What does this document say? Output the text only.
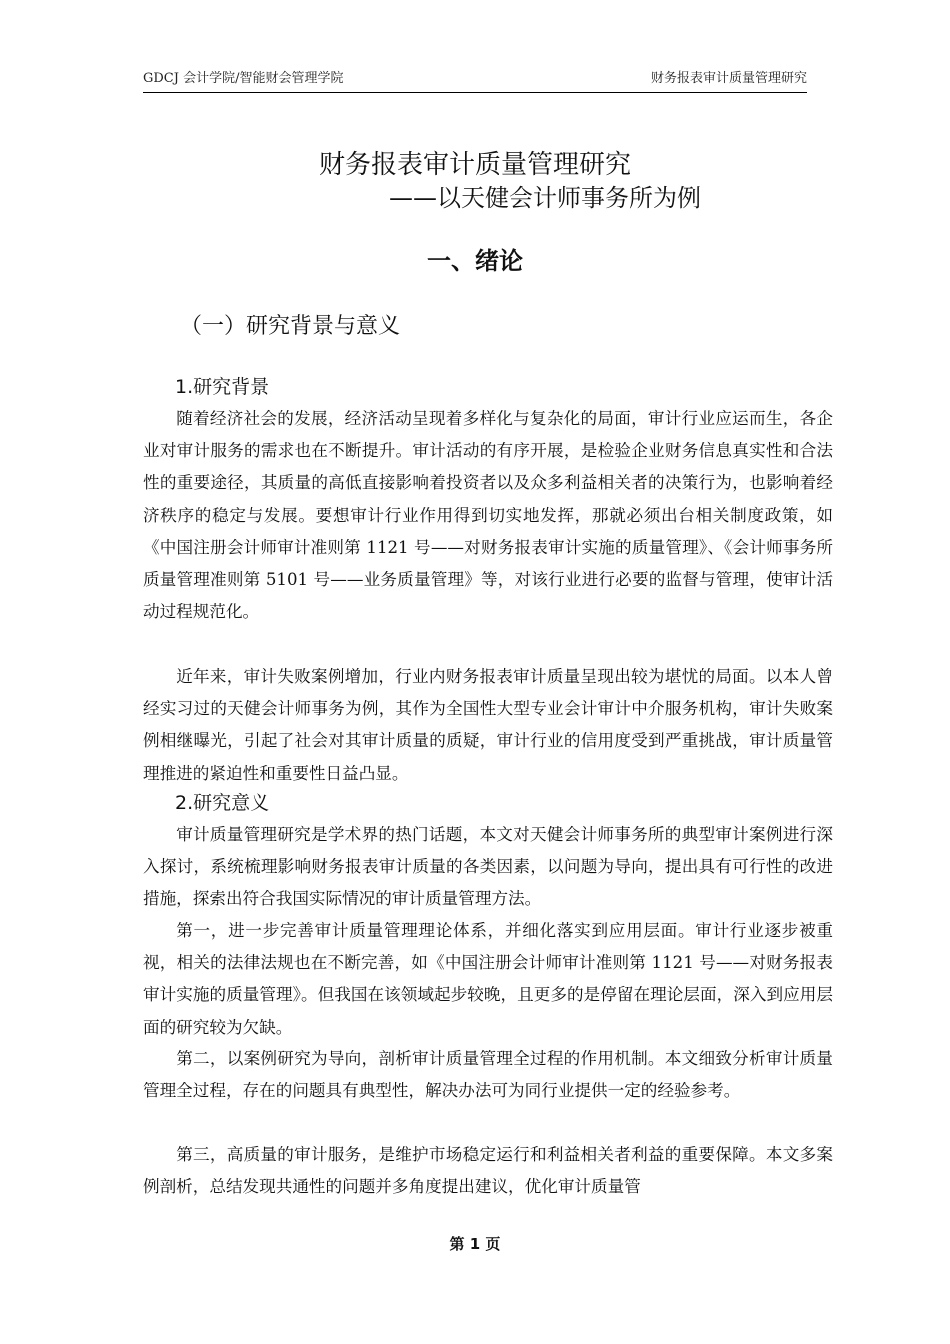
GDCJ 会计学院/智能财会管理学院	财务报表审计质量管理研究
财务报表审计质量管理研究
——以天健会计师事务所为例
一、绪论
（一）研究背景与意义
1.研究背景

随着经济社会的发展，经济活动呈现着多样化与复杂化的局面，审计行业应运而生，各企业对审计服务的需求也在不断提升。审计活动的有序开展，是检验企业财务信息真实性和合法性的重要途径，其质量的高低直接影响着投资者以及众多利益相关者的决策行为，也影响着经济秩序的稳定与发展。要想审计行业作用得到切实地发挥，那就必须出台相关制度政策，如《中国注册会计师审计准则第 1121 号——对财务报表审计实施的质量管理》、《会计师事务所质量管理准则第 5101 号——业务质量管理》等，对该行业进行必要的监督与管理，使审计活动过程规范化。

近年来，审计失败案例增加，行业内财务报表审计质量呈现出较为堪忧的局面。以本人曾经实习过的天健会计师事务为例，其作为全国性大型专业会计审计中介服务机构，审计失败案例相继曝光，引起了社会对其审计质量的质疑，审计行业的信用度受到严重挑战，审计质量管理推进的紧迫性和重要性日益凸显。

2.研究意义

审计质量管理研究是学术界的热门话题，本文对天健会计师事务所的典型审计案例进行深入探讨，系统梳理影响财务报表审计质量的各类因素，以问题为导向，提出具有可行性的改进措施，探索出符合我国实际情况的审计质量管理方法。

第一，进一步完善审计质量管理理论体系，并细化落实到应用层面。审计行业逐步被重视，相关的法律法规也在不断完善，如《中国注册会计师审计准则第 1121 号——对财务报表审计实施的质量管理》。但我国在该领域起步较晚，且更多的是停留在理论层面，深入到应用层面的研究较为欠缺。

第二，以案例研究为导向，剖析审计质量管理全过程的作用机制。本文细致分析审计质量管理全过程，存在的问题具有典型性，解决办法可为同行业提供一定的经验参考。

第三，高质量的审计服务，是维护市场稳定运行和利益相关者利益的重要保障。本文多案例剖析，总结发现共通性的问题并多角度提出建议，优化审计质量管

第 1 页
